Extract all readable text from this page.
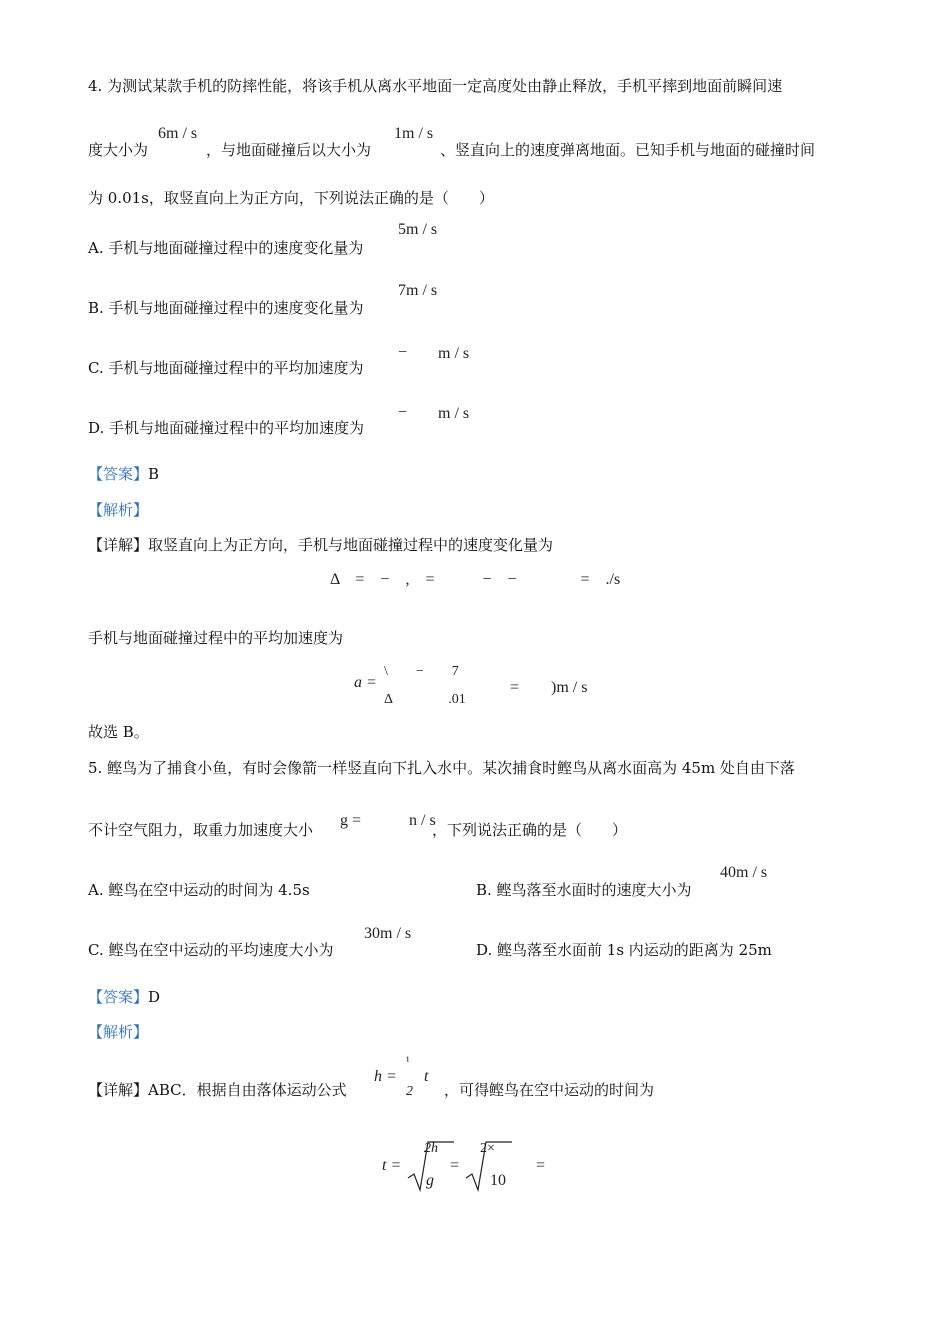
4. 为测试某款手机的防摔性能，将该手机从离水平地面一定高度处由静止释放，手机平摔到地面前瞬间速
度大小为
6m / s
，与地面碰撞后以大小为
1m / s
、竖直向上的速度弹离地面。已知手机与地面的碰撞时间
为 0.01s，取竖直向上为正方向，下列说法正确的是（　　）
A. 手机与地面碰撞过程中的速度变化量为
5m / s
B. 手机与地面碰撞过程中的速度变化量为
7m / s
C. 手机与地面碰撞过程中的平均加速度为
− m / s
D. 手机与地面碰撞过程中的平均加速度为
− m / s
【答案】B
【解析】
【详解】取竖直向上为正方向，手机与地面碰撞过程中的速度变化量为
Δ　=　−　,　=　　　−　−　　　　=　./s
手机与地面碰撞过程中的平均加速度为
a =
\　　−　　7
Δ　　　　.01
=　　)m / s
故选 B。
5. 鲣鸟为了捕食小鱼，有时会像箭一样竖直向下扎入水中。某次捕食时鲣鸟从离水面高为 45m 处自由下落
不计空气阻力，取重力加速度大小
g =　　　n / s
，下列说法正确的是（　　）
A. 鲣鸟在空中运动的时间为 4.5s	B. 鲣鸟落至水面时的速度大小为
40m / s
C. 鲣鸟在空中运动的平均速度大小为
30m / s
D. 鲣鸟落至水面前 1s 内运动的距离为 25m
【答案】D
【解析】
【详解】ABC．根据自由落体运动公式
h =
¹
2
t
，可得鲣鸟在空中运动的时间为
t =
2h
g
=
2×
10
=
